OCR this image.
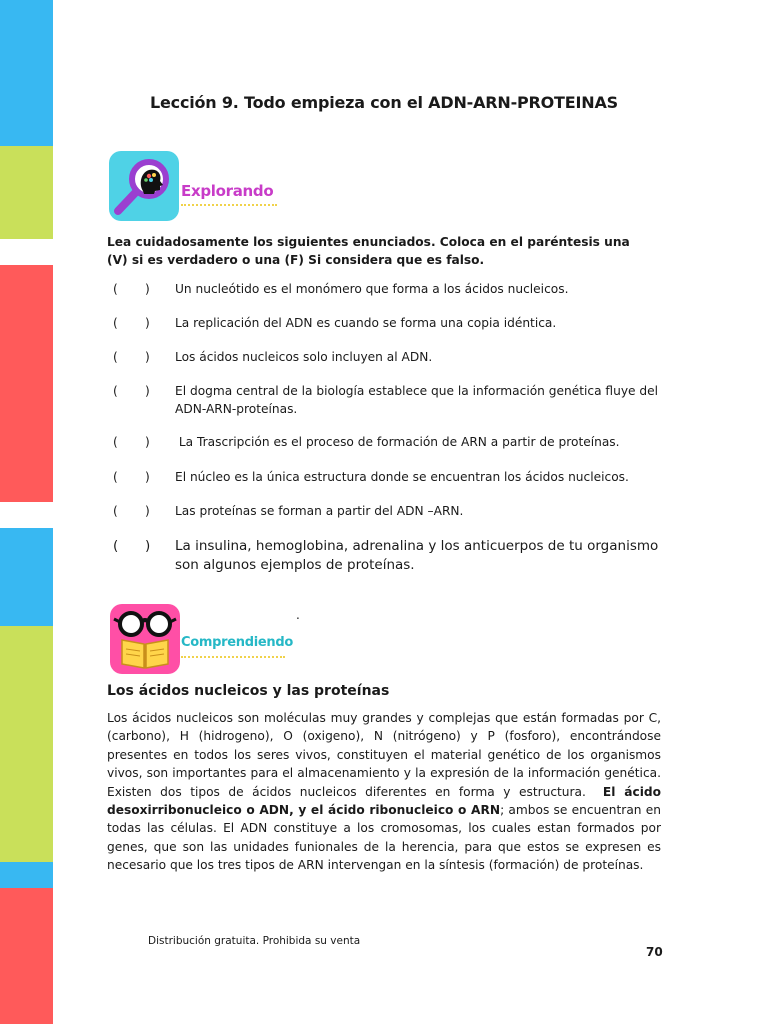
Lección 9. Todo empieza con el ADN-ARN-PROTEINAS
Explorando
Lea cuidadosamente los siguientes enunciados. Coloca en el paréntesis una (V) si es verdadero o una (F) Si considera que es falso.
( ) Un nucleótido es el monómero que forma a los ácidos nucleicos.
( ) La replicación del ADN es cuando se forma una copia idéntica.
( ) Los ácidos nucleicos solo incluyen al ADN.
( ) El dogma central de la biología establece que la información genética fluye del ADN-ARN-proteínas.
( ) La Trascripción es el proceso de formación de ARN a partir de proteínas.
( ) El núcleo es la única estructura donde se encuentran los ácidos nucleicos.
( ) Las proteínas se forman a partir del ADN –ARN.
( ) La insulina, hemoglobina, adrenalina y los anticuerpos de tu organismo son algunos ejemplos de proteínas.
.
Comprendiendo
Los ácidos nucleicos y las proteínas
Los ácidos nucleicos son moléculas muy grandes y complejas que están formadas por C, (carbono), H (hidrogeno), O (oxigeno), N (nitrógeno) y P (fosforo), encontrándose presentes en todos los seres vivos, constituyen el material genético de los organismos vivos, son importantes para el almacenamiento y la expresión de la información genética. Existen dos tipos de ácidos nucleicos diferentes en forma y estructura.  El ácido desoxirribonucleico o ADN, y el ácido ribonucleico o ARN; ambos se encuentran en todas las células. El ADN constituye a los cromosomas, los cuales estan formados por genes, que son las unidades funionales de la herencia, para que estos se expresen es necesario que los tres tipos de ARN intervengan en la síntesis (formación) de proteínas.
Distribución gratuita. Prohibida su venta
70
